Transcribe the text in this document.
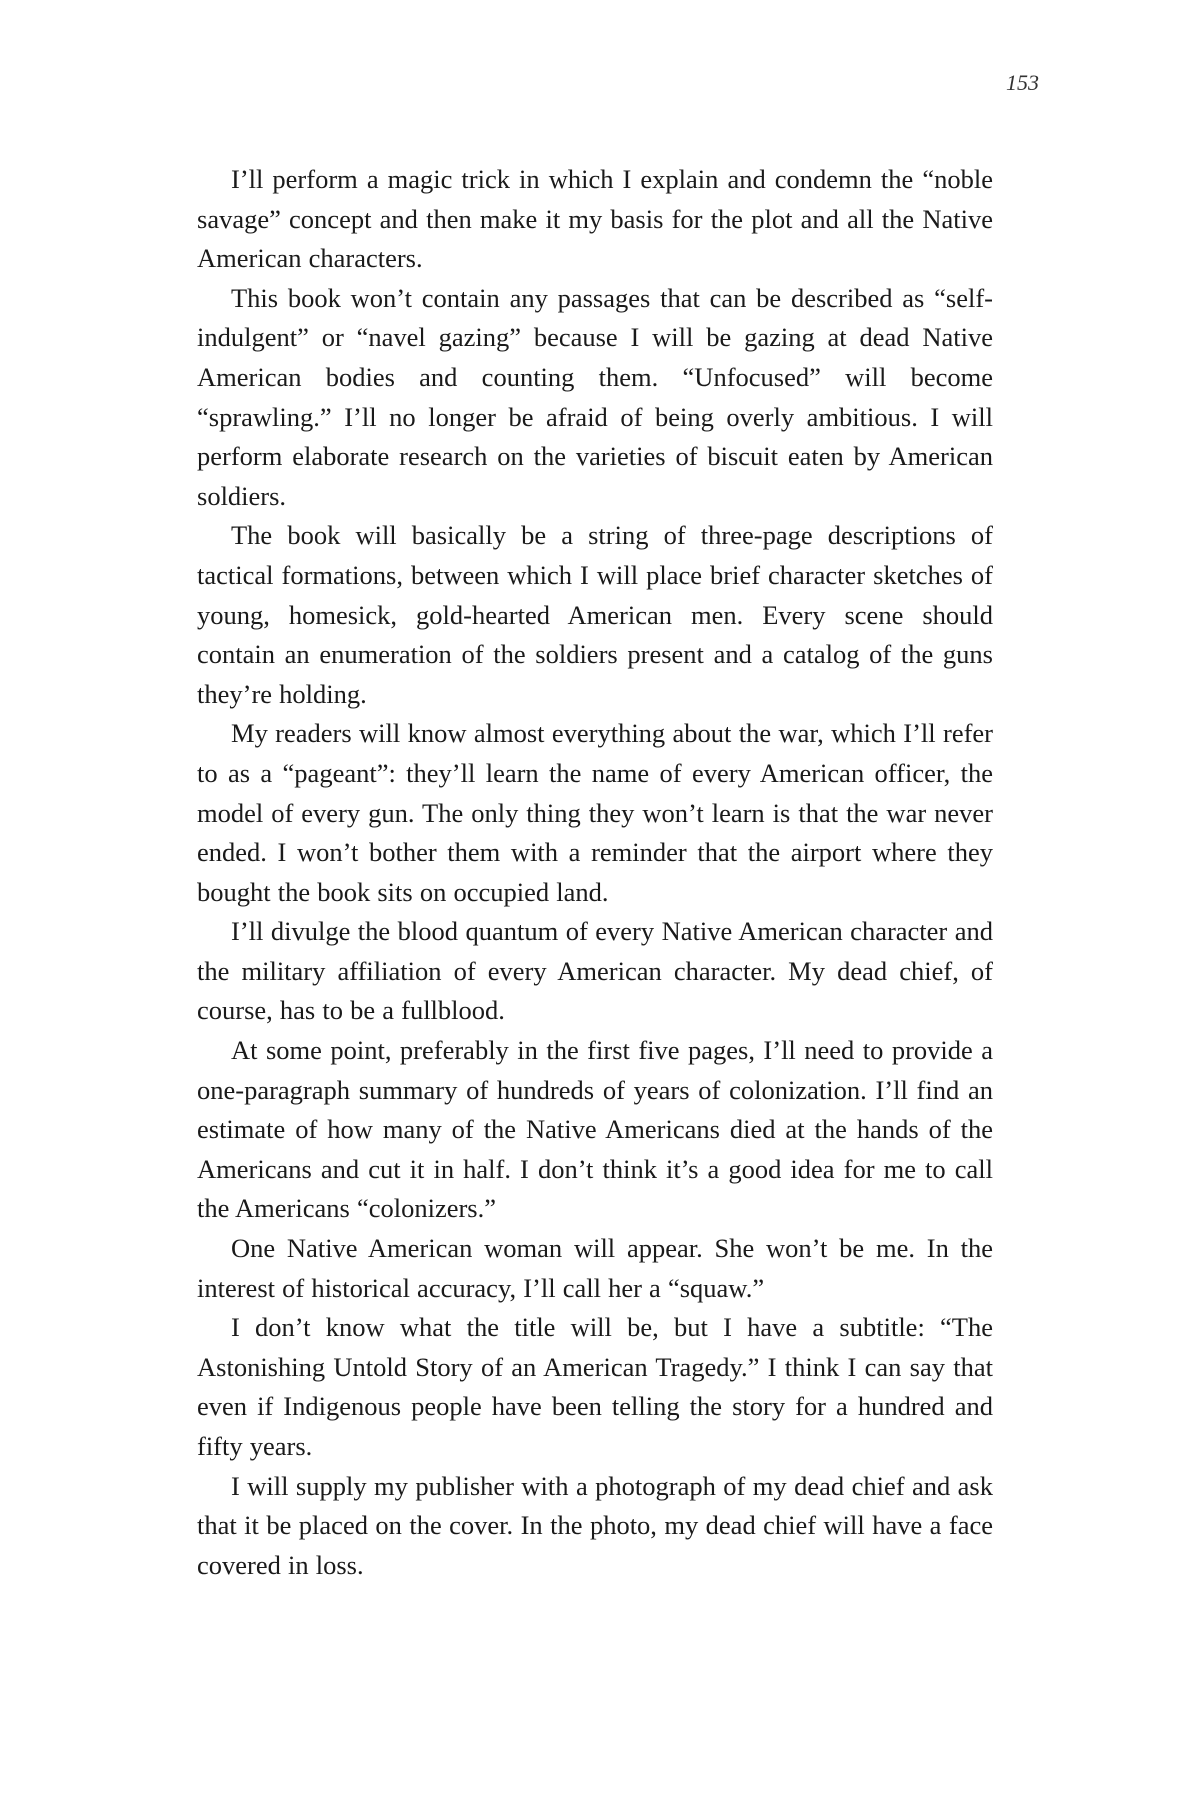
153

I’ll perform a magic trick in which I explain and condemn the “noble savage” concept and then make it my basis for the plot and all the Native American characters.

This book won’t contain any passages that can be described as “self-indulgent” or “navel gazing” because I will be gazing at dead Native American bodies and counting them. “Unfocused” will become “sprawling.” I’ll no longer be afraid of being overly ambitious. I will perform elaborate research on the varieties of biscuit eaten by American soldiers.

The book will basically be a string of three-page descriptions of tactical formations, between which I will place brief character sketches of young, homesick, gold-hearted American men. Every scene should contain an enumeration of the soldiers present and a catalog of the guns they’re holding.

My readers will know almost everything about the war, which I’ll refer to as a “pageant”: they’ll learn the name of every American officer, the model of every gun. The only thing they won’t learn is that the war never ended. I won’t bother them with a reminder that the airport where they bought the book sits on occupied land.

I’ll divulge the blood quantum of every Native American character and the military affiliation of every American character. My dead chief, of course, has to be a fullblood.

At some point, preferably in the first five pages, I’ll need to provide a one-paragraph summary of hundreds of years of colonization. I’ll find an estimate of how many of the Native Americans died at the hands of the Americans and cut it in half. I don’t think it’s a good idea for me to call the Americans “colonizers.”

One Native American woman will appear. She won’t be me. In the interest of historical accuracy, I’ll call her a “squaw.”

I don’t know what the title will be, but I have a subtitle: “The Astonishing Untold Story of an American Tragedy.” I think I can say that even if Indigenous people have been telling the story for a hundred and fifty years.

I will supply my publisher with a photograph of my dead chief and ask that it be placed on the cover. In the photo, my dead chief will have a face covered in loss.
